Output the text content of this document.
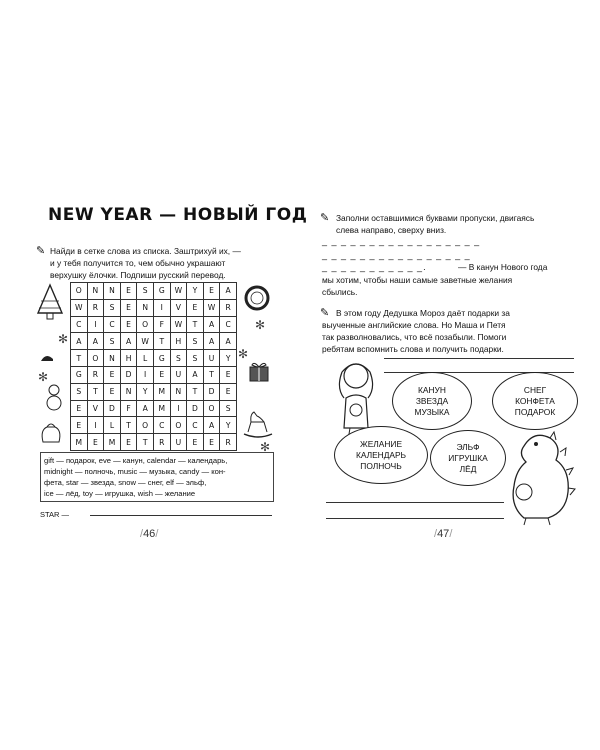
NEW YEAR — НОВЫЙ ГОД
✎ Найди в сетке слова из списка. Заштрихуй их, —
и у тебя получится то, чем обычно украшают
верхушку ёлочки. Подпиши русский перевод.
O	N	N	E	S	G	W	Y	E	A
W	R	S	E	N	I	V	E	W	R
C	I	C	E	O	F	W	T	A	C
A	A	S	A	W	T	H	S	A	A
T	O	N	H	L	G	S	S	U	Y
G	R	E	D	I	E	U	A	T	E
S	T	E	N	Y	M	N	T	D	E
E	V	D	F	A	M	I	D	O	S
E	I	L	T	O	C	O	C	A	Y
M	E	M	E	T	R	U	E	E	R
✻
✻
✻
✻
✻
gift — подарок, eve — канун, calendar — календарь,
midnight — полночь, music — музыка, candy — кон-
фета, star — звезда, snow — снег, elf — эльф,
ice — лёд, toy — игрушка, wish — желание
STAR —
/46/
✎ Заполни оставшимися буквами пропуски, двигаясь
слева направо, сверху вниз.
_ _ _ _ _ _ _ _ _ _ _ _ _ _ _ _ _
_ _ _ _ _ _ _ _ _ _ _ _ _ _ _ _
_ _ _ _ _ _ _ _ _ _ _.	— В канун Нового года
мы хотим, чтобы наши самые заветные желания
сбылись.
✎ В этом году Дедушка Мороз даёт подарки за
выученные английские слова. Но Маша и Петя
так разволновались, что всё позабыли. Помоги
ребятам вспомнить слова и получить подарки.
КАНУН
ЗВЕЗДА
МУЗЫКА
СНЕГ
КОНФЕТА
ПОДАРОК
ЖЕЛАНИЕ
КАЛЕНДАРЬ
ПОЛНОЧЬ
ЭЛЬФ
ИГРУШКА
ЛЁД
/47/
